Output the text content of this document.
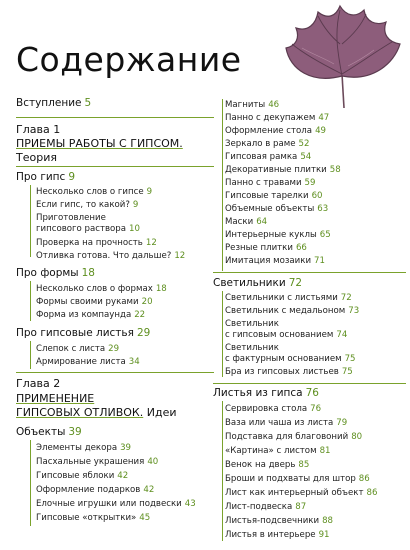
Содержание
Вступление 5
Глава 1
ПРИЕМЫ РАБОТЫ С ГИПСОМ.
Теория
Про гипс 9
Несколько слов о гипсе 9
Если гипс, то какой? 9
Приготовление
гипсового раствора 10
Проверка на прочность 12
Отливка готова. Что дальше? 12
Про формы 18
Несколько слов о формах 18
Формы своими руками 20
Форма из компаунда 22
Про гипсовые листья 29
Слепок с листа 29
Армирование листа 34
Глава 2
ПРИМЕНЕНИЕ
ГИПСОВЫХ ОТЛИВОК. Идеи
Объекты 39
Элементы декора 39
Пасхальные украшения 40
Гипсовые яблоки 42
Оформление подарков 42
Елочные игрушки или подвески 43
Гипсовые «открытки» 45
Магниты 46
Панно с декупажем 47
Оформление стола 49
Зеркало в раме 52
Гипсовая рамка 54
Декоративные плитки 58
Панно с травами 59
Гипсовые тарелки 60
Объемные объекты 63
Маски 64
Интерьерные куклы 65
Резные плитки 66
Имитация мозаики 71
Светильники 72
Светильники с листьями 72
Светильник с медальоном 73
Светильник
с гипсовым основанием 74
Светильник
с фактурным основанием 75
Бра из гипсовых листьев 75
Листья из гипса 76
Сервировка стола 76
Ваза или чаша из листа 79
Подставка для благовоний 80
«Картина» с листом 81
Венок на дверь 85
Броши и подхваты для штор 86
Лист как интерьерный объект 86
Лист-подвеска 87
Листья-подсвечники 88
Листья в интерьере 91
